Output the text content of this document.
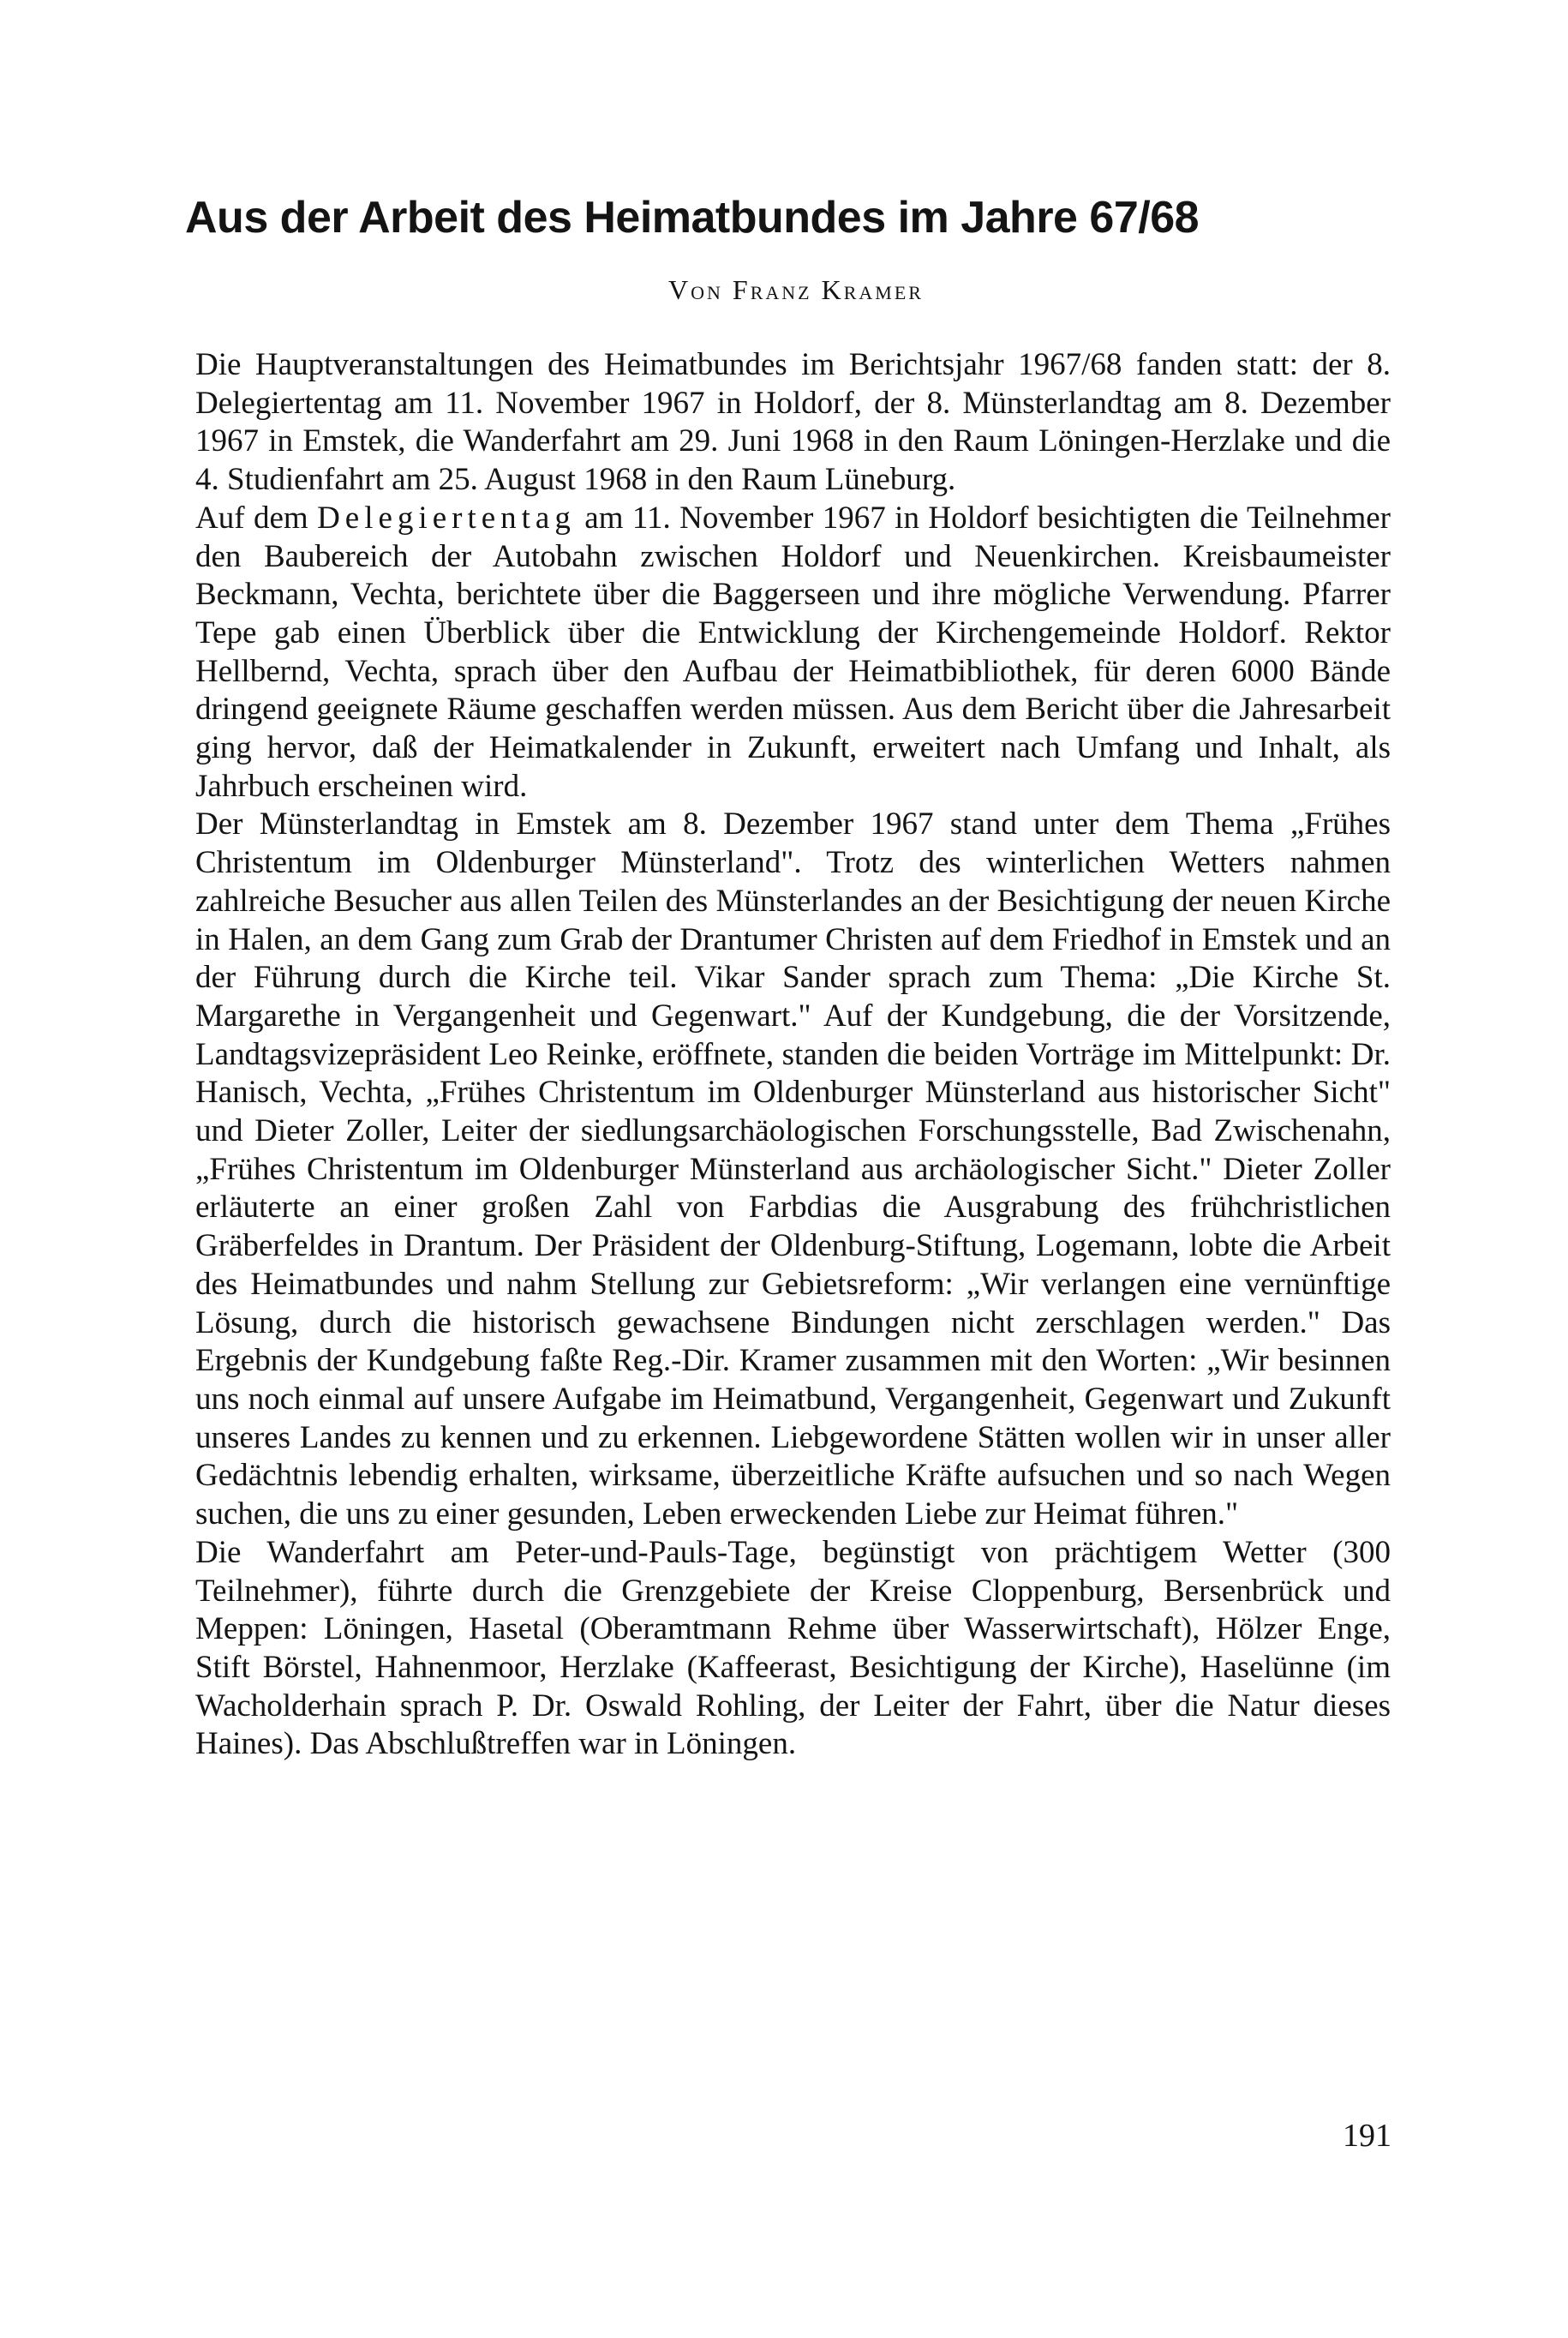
Aus der Arbeit des Heimatbundes im Jahre 67/68
Von Franz Kramer

Die Hauptveranstaltungen des Heimatbundes im Berichtsjahr 1967/68 fanden statt: der 8. Delegiertentag am 11. November 1967 in Holdorf, der 8. Münsterlandtag am 8. Dezember 1967 in Emstek, die Wanderfahrt am 29. Juni 1968 in den Raum Löningen-Herzlake und die 4. Studienfahrt am 25. August 1968 in den Raum Lüneburg.

Auf dem Delegiertentag am 11. November 1967 in Holdorf besichtigten die Teilnehmer den Baubereich der Autobahn zwischen Holdorf und Neuenkirchen. Kreisbaumeister Beckmann, Vechta, berichtete über die Baggerseen und ihre mögliche Verwendung. Pfarrer Tepe gab einen Überblick über die Entwicklung der Kirchengemeinde Holdorf. Rektor Hellbernd, Vechta, sprach über den Aufbau der Heimatbibliothek, für deren 6000 Bände dringend geeignete Räume geschaffen werden müssen. Aus dem Bericht über die Jahresarbeit ging hervor, daß der Heimatkalender in Zukunft, erweitert nach Umfang und Inhalt, als Jahrbuch erscheinen wird.

Der Münsterlandtag in Emstek am 8. Dezember 1967 stand unter dem Thema „Frühes Christentum im Oldenburger Münsterland". Trotz des winterlichen Wetters nahmen zahlreiche Besucher aus allen Teilen des Münsterlandes an der Besichtigung der neuen Kirche in Halen, an dem Gang zum Grab der Drantumer Christen auf dem Friedhof in Emstek und an der Führung durch die Kirche teil. Vikar Sander sprach zum Thema: „Die Kirche St. Margarethe in Vergangenheit und Gegenwart." Auf der Kundgebung, die der Vorsitzende, Landtagsvizepräsident Leo Reinke, eröffnete, standen die beiden Vorträge im Mittelpunkt: Dr. Hanisch, Vechta, „Frühes Christentum im Oldenburger Münsterland aus historischer Sicht" und Dieter Zoller, Leiter der siedlungsarchäologischen Forschungsstelle, Bad Zwischenahn, „Frühes Christentum im Oldenburger Münsterland aus archäologischer Sicht." Dieter Zoller erläuterte an einer großen Zahl von Farbdias die Ausgrabung des frühchristlichen Gräberfeldes in Drantum. Der Präsident der Oldenburg-Stiftung, Logemann, lobte die Arbeit des Heimatbundes und nahm Stellung zur Gebietsreform: „Wir verlangen eine vernünftige Lösung, durch die historisch gewachsene Bindungen nicht zerschlagen werden." Das Ergebnis der Kundgebung faßte Reg.-Dir. Kramer zusammen mit den Worten: „Wir besinnen uns noch einmal auf unsere Aufgabe im Heimatbund, Vergangenheit, Gegenwart und Zukunft unseres Landes zu kennen und zu erkennen. Liebgewordene Stätten wollen wir in unser aller Gedächtnis lebendig erhalten, wirksame, überzeitliche Kräfte aufsuchen und so nach Wegen suchen, die uns zu einer gesunden, Leben erweckenden Liebe zur Heimat führen."

Die Wanderfahrt am Peter-und-Pauls-Tage, begünstigt von prächtigem Wetter (300 Teilnehmer), führte durch die Grenzgebiete der Kreise Cloppenburg, Bersenbrück und Meppen: Löningen, Hasetal (Oberamtmann Rehme über Wasserwirtschaft), Hölzer Enge, Stift Börstel, Hahnenmoor, Herzlake (Kaffeerast, Besichtigung der Kirche), Haselünne (im Wacholderhain sprach P. Dr. Oswald Rohling, der Leiter der Fahrt, über die Natur dieses Haines). Das Abschlußtreffen war in Löningen.

191
